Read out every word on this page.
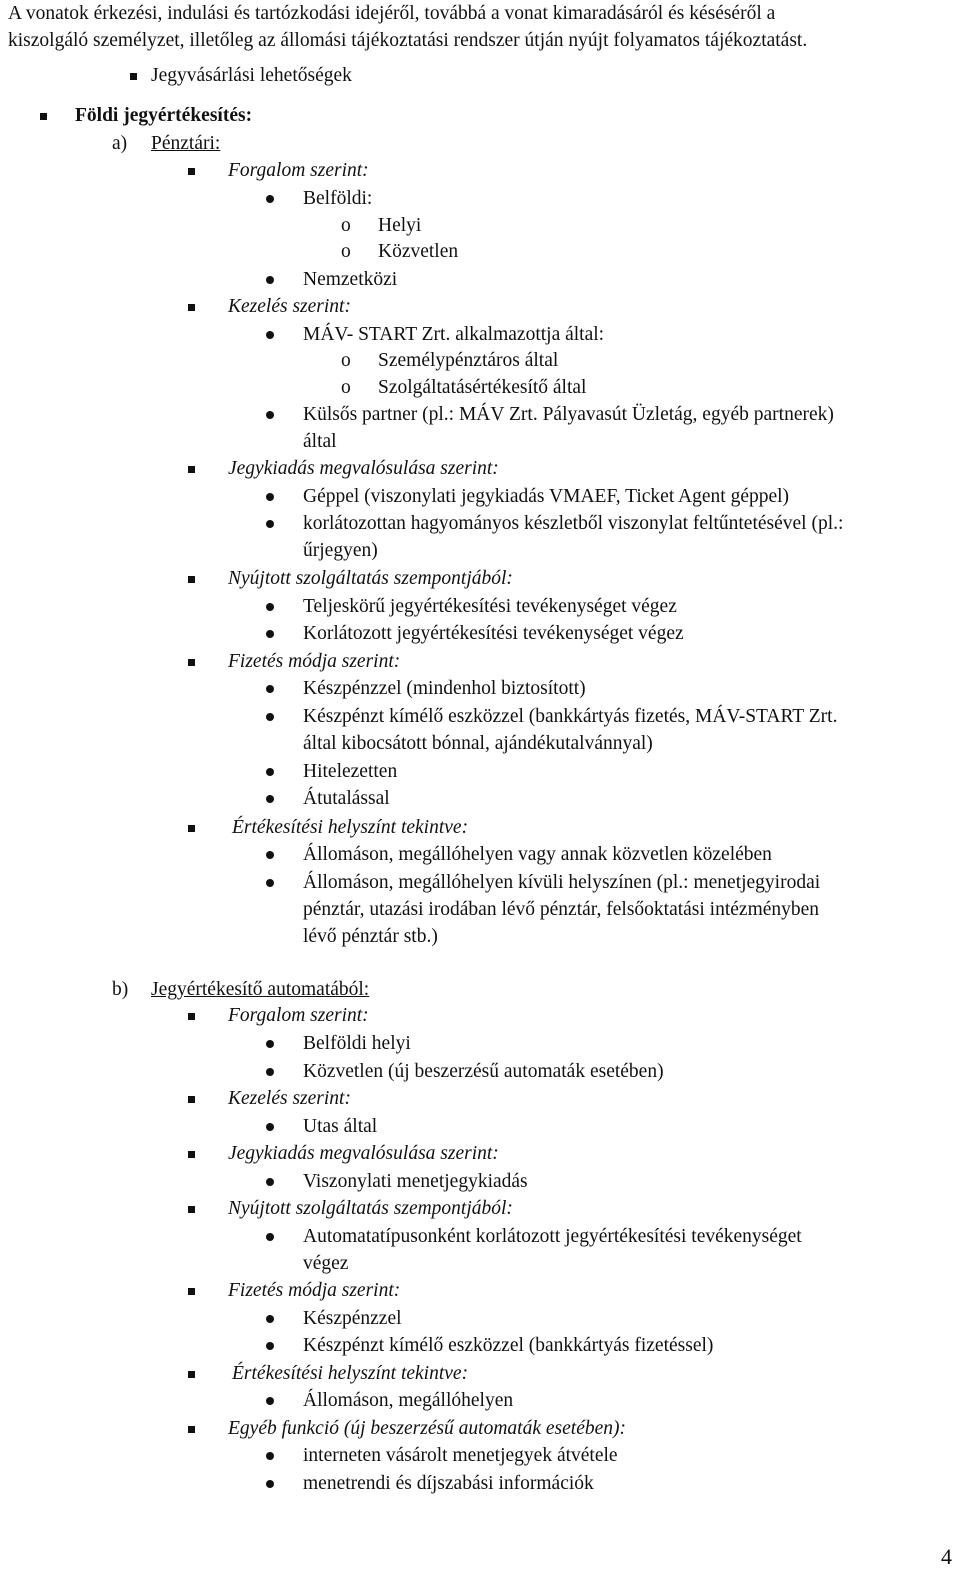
A vonatok érkezési, indulási és tartózkodási idejéről, továbbá a vonat kimaradásáról és késéséről a
kiszolgáló személyzet, illetőleg az állomási tájékoztatási rendszer útján nyújt folyamatos tájékoztatást.
Jegyvásárlási lehetőségek
Földi jegyértékesítés:
a) Pénztári:
Forgalom szerint:
Belföldi:
o Helyi
o Közvetlen
Nemzetközi
Kezelés szerint:
MÁV- START Zrt. alkalmazottja által:
o Személypénztáros által
o Szolgáltatásértékesítő által
Külsős partner (pl.: MÁV Zrt. Pályavasút Üzletág, egyéb partnerek)
által
Jegykiadás megvalósulása szerint:
Géppel (viszonylati jegykiadás VMAEF, Ticket Agent géppel)
korlátozottan hagyományos készletből viszonylat feltűntetésével (pl.:
űrjegyen)
Nyújtott szolgáltatás szempontjából:
Teljeskörű jegyértékesítési tevékenységet végez
Korlátozott jegyértékesítési tevékenységet végez
Fizetés módja szerint:
Készpénzzel (mindenhol biztosított)
Készpénzt kímélő eszközzel (bankkártyás fizetés, MÁV-START Zrt.
által kibocsátott bónnal, ajándékutalvánnyal)
Hitelezetten
Átutalással
Értékesítési helyszínt tekintve:
Állomáson, megállóhelyen vagy annak közvetlen közelében
Állomáson, megállóhelyen kívüli helyszínen (pl.: menetjegyirodai
pénztár, utazási irodában lévő pénztár, felsőoktatási intézményben
lévő pénztár stb.)
b) Jegyértékesítő automatából:
Forgalom szerint:
Belföldi helyi
Közvetlen (új beszerzésű automaták esetében)
Kezelés szerint:
Utas által
Jegykiadás megvalósulása szerint:
Viszonylati menetjegykiadás
Nyújtott szolgáltatás szempontjából:
Automatatípusonként korlátozott jegyértékesítési tevékenységet
végez
Fizetés módja szerint:
Készpénzzel
Készpénzt kímélő eszközzel (bankkártyás fizetéssel)
Értékesítési helyszínt tekintve:
Állomáson, megállóhelyen
Egyéb funkció (új beszerzésű automaták esetében):
interneten vásárolt menetjegyek átvétele
menetrendi és díjszabási információk
4
